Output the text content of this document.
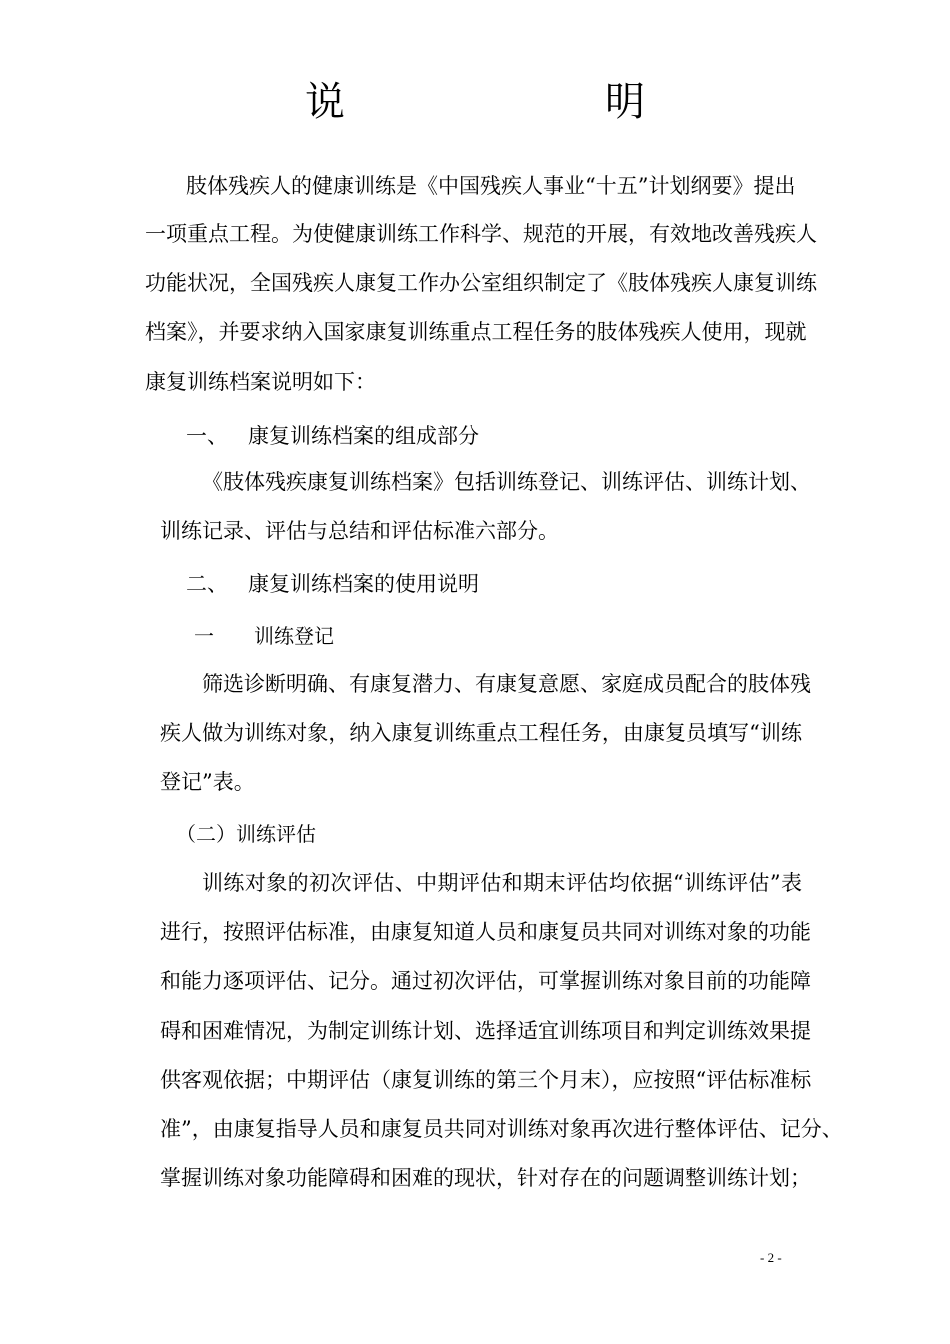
说　明
肢体残疾人的健康训练是《中国残疾人事业“十五”计划纲要》提出
一项重点工程。为使健康训练工作科学、规范的开展，有效地改善残疾人
功能状况，全国残疾人康复工作办公室组织制定了《肢体残疾人康复训练
档案》，并要求纳入国家康复训练重点工程任务的肢体残疾人使用，现就
康复训练档案说明如下：
一、 康复训练档案的组成部分
《肢体残疾康复训练档案》包括训练登记、训练评估、训练计划、
训练记录、评估与总结和评估标准六部分。
二、 康复训练档案的使用说明
一 训练登记
筛选诊断明确、有康复潜力、有康复意愿、家庭成员配合的肢体残
疾人做为训练对象，纳入康复训练重点工程任务，由康复员填写“训练
登记”表。
（二）训练评估
训练对象的初次评估、中期评估和期末评估均依据“训练评估”表
进行，按照评估标准，由康复知道人员和康复员共同对训练对象的功能
和能力逐项评估、记分。通过初次评估，可掌握训练对象目前的功能障
碍和困难情况，为制定训练计划、选择适宜训练项目和判定训练效果提
供客观依据；中期评估（康复训练的第三个月末），应按照“评估标准标
准”，由康复指导人员和康复员共同对训练对象再次进行整体评估、记分、
掌握训练对象功能障碍和困难的现状，针对存在的问题调整训练计划；
- 2 -
